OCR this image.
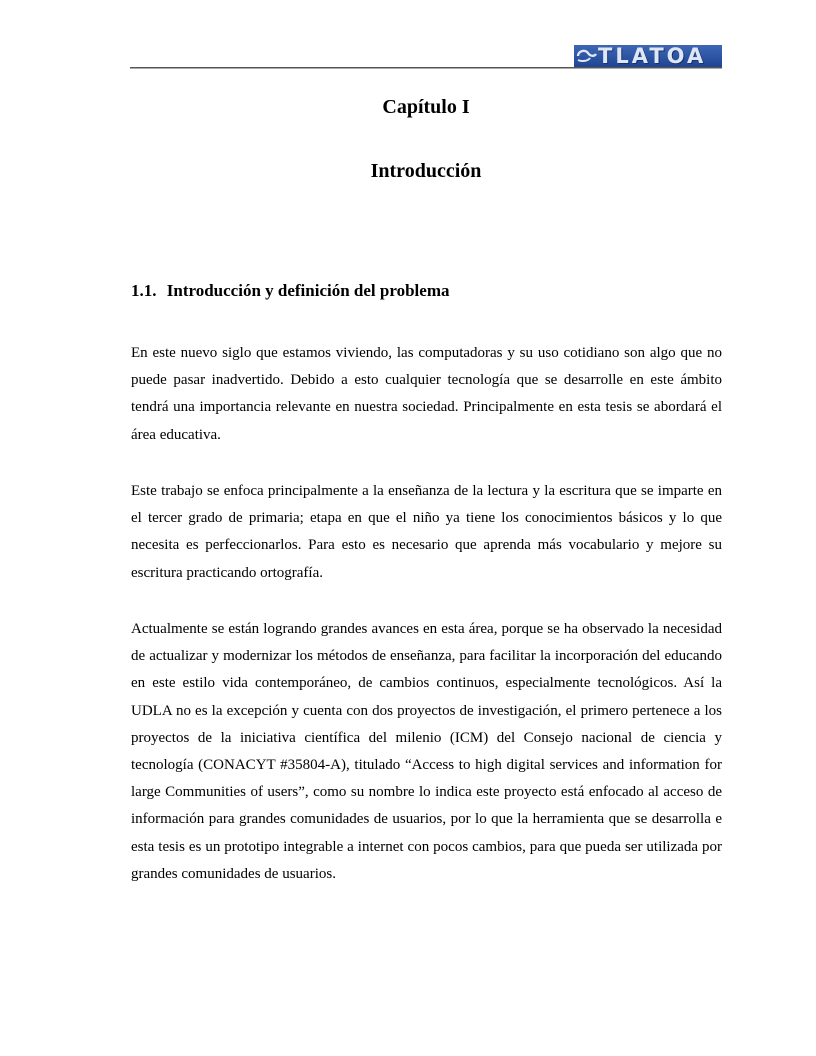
TLATOA
Capítulo I
Introducción
1.1. Introducción y definición del problema

En este nuevo siglo que estamos viviendo, las computadoras y su uso cotidiano son algo que no puede pasar inadvertido. Debido a esto cualquier tecnología que se desarrolle en este ámbito tendrá una importancia relevante en nuestra sociedad. Principalmente en esta tesis se abordará el área educativa.

Este trabajo se enfoca principalmente a la enseñanza de la lectura y la escritura que se imparte en el tercer grado de primaria; etapa en que el niño ya tiene los conocimientos básicos y lo que necesita es perfeccionarlos. Para esto es necesario que aprenda más vocabulario y mejore su escritura practicando ortografía.

Actualmente se están logrando grandes avances en esta área, porque se ha observado la necesidad de actualizar y modernizar los métodos de enseñanza, para facilitar la incorporación del educando en este estilo vida contemporáneo, de cambios continuos, especialmente tecnológicos. Así la UDLA no es la excepción y cuenta con dos proyectos de investigación, el primero pertenece a los proyectos de la iniciativa científica del milenio (ICM) del Consejo nacional de ciencia y tecnología (CONACYT #35804-A), titulado “Access to high digital services and information for large Communities of users”, como su nombre lo indica este proyecto está enfocado al acceso de información para grandes comunidades de usuarios, por lo que la herramienta que se desarrolla e esta tesis es un prototipo integrable a internet con pocos cambios, para que pueda ser utilizada por grandes comunidades de usuarios.
